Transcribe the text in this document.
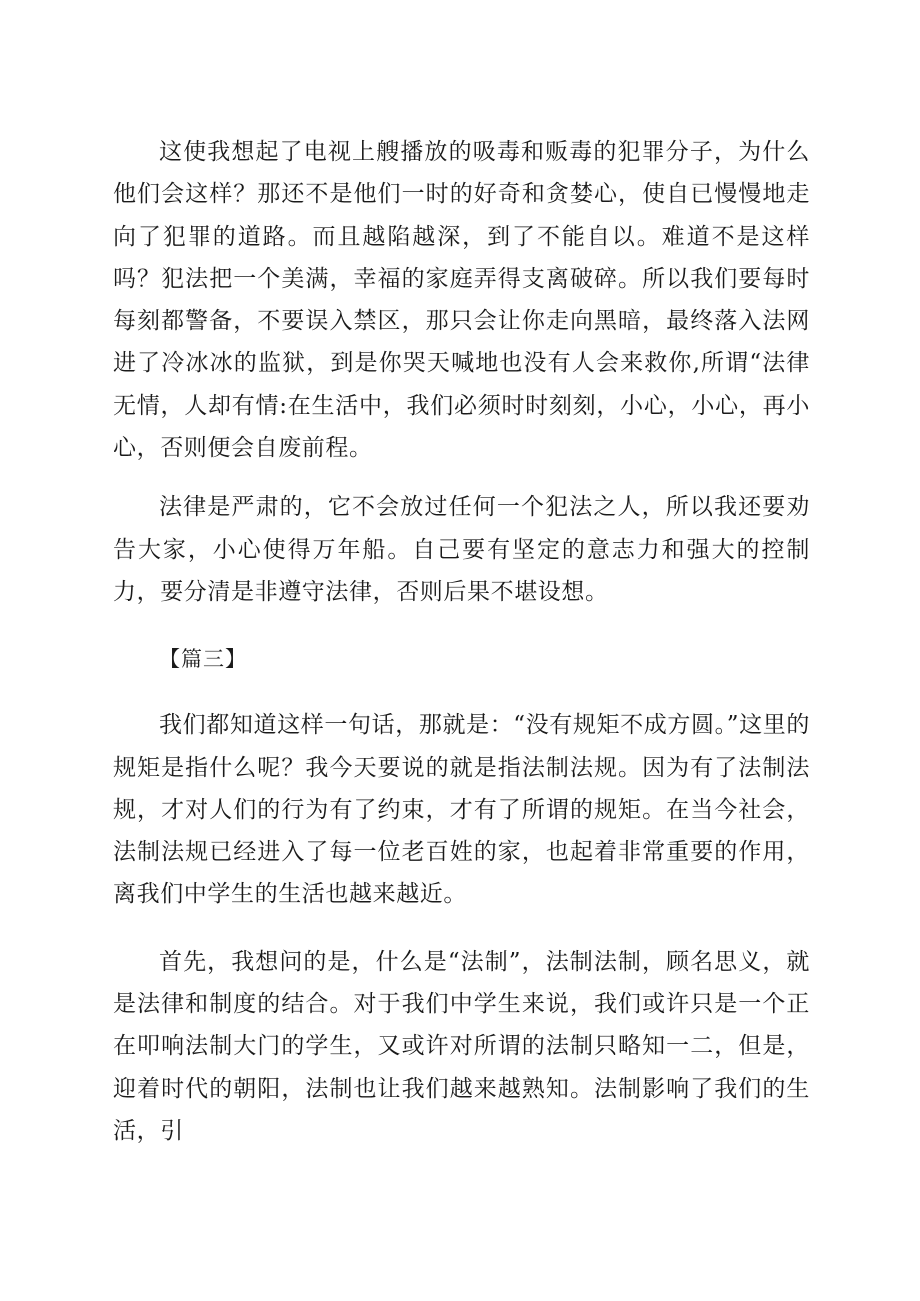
这使我想起了电视上艘播放的吸毒和贩毒的犯罪分子，为什么他们会这样？那还不是他们一时的好奇和贪婪心，使自已慢慢地走向了犯罪的道路。而且越陷越深，到了不能自以。难道不是这样吗？犯法把一个美满，幸福的家庭弄得支离破碎。所以我们要每时每刻都警备，不要误入禁区，那只会让你走向黑暗，最终落入法网进了冷冰冰的监狱，到是你哭天喊地也没有人会来救你,所谓“法律无情，人却有情:在生活中，我们必须时时刻刻，小心，小心，再小心，否则便会自废前程。

法律是严肃的，它不会放过任何一个犯法之人，所以我还要劝告大家，小心使得万年船。自己要有坚定的意志力和强大的控制力，要分清是非遵守法律，否则后果不堪设想。

【篇三】

我们都知道这样一句话，那就是：“没有规矩不成方圆。”这里的规矩是指什么呢？我今天要说的就是指法制法规。因为有了法制法规，才对人们的行为有了约束，才有了所谓的规矩。在当今社会，法制法规已经进入了每一位老百姓的家，也起着非常重要的作用，离我们中学生的生活也越来越近。

首先，我想问的是，什么是“法制”，法制法制，顾名思义，就是法律和制度的结合。对于我们中学生来说，我们或许只是一个正在叩响法制大门的学生，又或许对所谓的法制只略知一二，但是，迎着时代的朝阳，法制也让我们越来越熟知。法制影响了我们的生活，引
